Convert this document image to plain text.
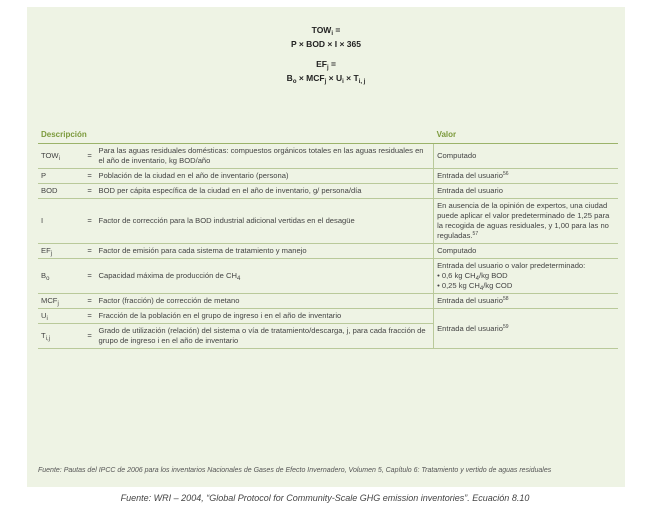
$TOW_i$ =
P × BOD × I × 365
$EF_j$ =
$B_o \times MCF_j \times U_i \times T_{i, j}$
Descripción			Valor
$TOW_i$	=	Para las aguas residuales domésticas: compuestos orgánicos totales en las aguas residuales en el año de inventario, kg BOD/año	Computado
P	=	Población de la ciudad en el año de inventario (persona)	Entrada del usuario$^{56}$
BOD	=	BOD per cápita específica de la ciudad en el año de inventario, g/ persona/día	Entrada del usuario
I	=	Factor de corrección para la BOD industrial adicional vertidas en el desagüe	En ausencia de la opinión de expertos, una ciudad puede aplicar el valor predeterminado de 1,25 para la recogida de aguas residuales, y 1,00 para las no reguladas.$^{57}$
$EF_j$	=	Factor de emisión para cada sistema de tratamiento y manejo	Computado
$B_o$	=	Capacidad máxima de producción de $CH_4$	Entrada del usuario o valor predeterminado:
• 0,6 kg $CH_4/kg$ BOD
• 0,25 kg $CH_4/kg$ COD

$MCF_j$	=	Factor (fracción) de corrección de metano	Entrada del usuario$^{58}$
$U_i$	=	Fracción de la población en el grupo de ingreso i en el año de inventario	Entrada del usuario$^{59}$
$T_{i,j}$	=	Grado de utilización (relación) del sistema o vía de tratamiento/descarga, j, para cada fracción de grupo de ingreso i en el año de inventario	
Fuente: Pautas del IPCC de 2006 para los inventarios Nacionales de Gases de Efecto Invernadero, Volumen 5, Capítulo 6: Tratamiento y vertido de aguas residuales
Fuente: WRI – 2004, “Global Protocol for Community-Scale GHG emission inventories”. Ecuación 8.10
